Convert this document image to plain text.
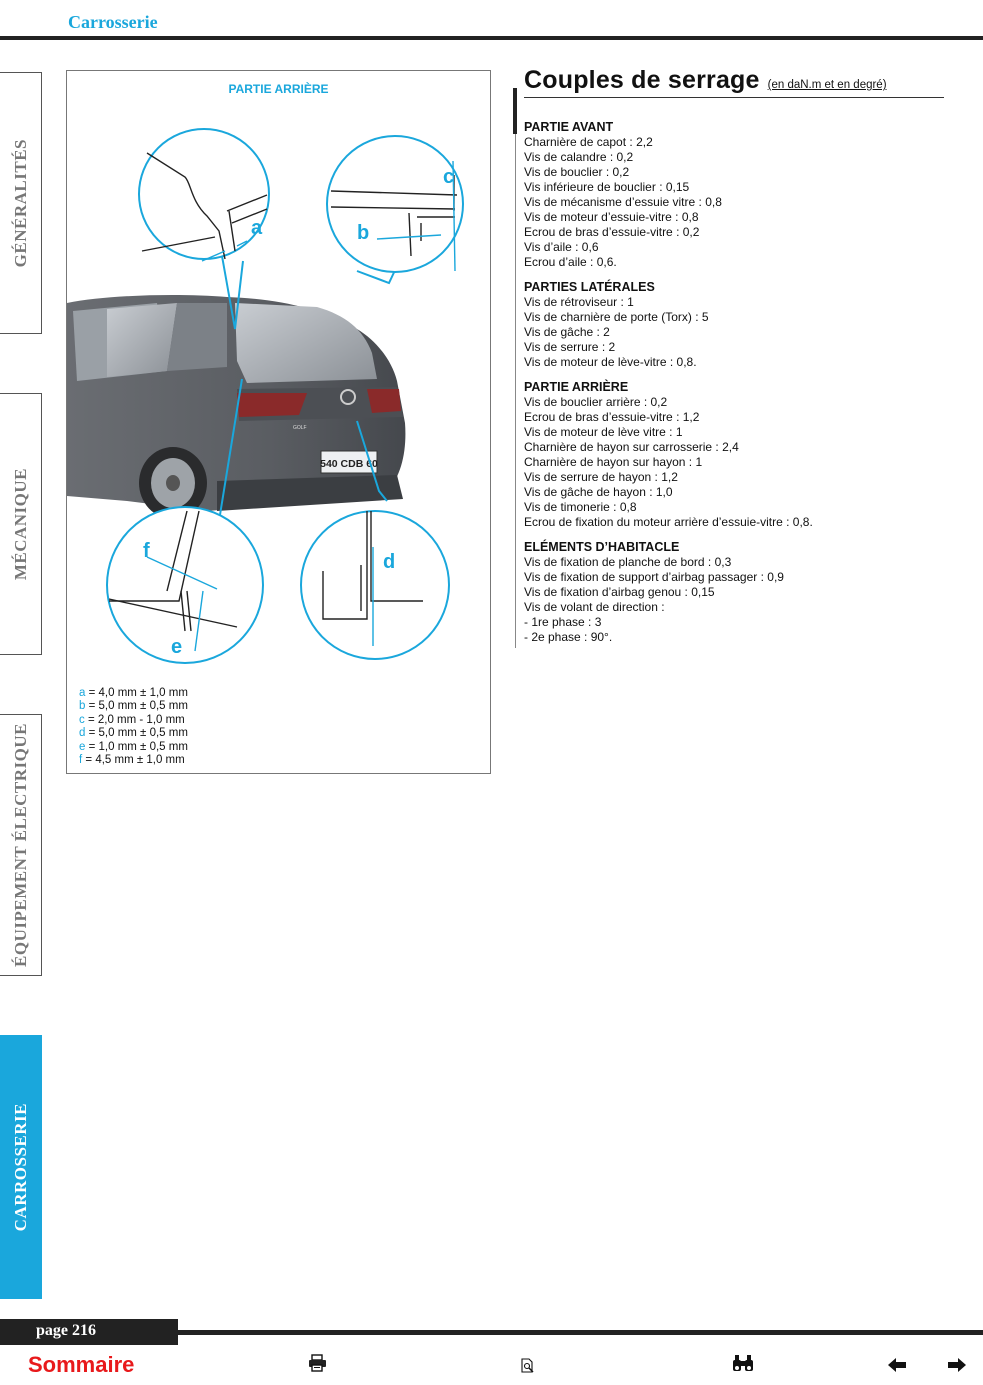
Carrosserie
GÉNÉRALITÉS
MÉCANIQUE
ÉQUIPEMENT ÉLECTRIQUE
CARROSSERIE
PARTIE ARRIÈRE
540 CDB 60
GOLF
a	b
c
f
e
d
a = 4,0 mm ± 1,0 mm
b = 5,0 mm ± 0,5 mm
c = 2,0 mm - 1,0 mm
d = 5,0 mm ± 0,5 mm
e = 1,0 mm ± 0,5 mm
f = 4,5 mm ± 1,0 mm
Couples de serrage (en daN.m et en degré)
PARTIE AVANT
Charnière de capot : 2,2
Vis de calandre : 0,2
Vis de bouclier : 0,2
Vis inférieure de bouclier : 0,15
Vis de mécanisme d’essuie vitre : 0,8
Vis de moteur d’essuie-vitre : 0,8
Ecrou de bras d’essuie-vitre : 0,2
Vis d’aile : 0,6
Ecrou d’aile : 0,6.
PARTIES LATÉRALES
Vis de rétroviseur : 1
Vis de charnière de porte (Torx) : 5
Vis de gâche : 2
Vis de serrure : 2
Vis de moteur de lève-vitre : 0,8.
PARTIE ARRIÈRE
Vis de bouclier arrière : 0,2
Ecrou de bras d’essuie-vitre : 1,2
Vis de moteur de lève vitre : 1
Charnière de hayon sur carrosserie : 2,4
Charnière de hayon sur hayon : 1
Vis de serrure de hayon : 1,2
Vis de gâche de hayon : 1,0
Vis de timonerie : 0,8
Ecrou de fixation du moteur arrière d’essuie-vitre : 0,8.
ELÉMENTS D’HABITACLE
Vis de fixation de planche de bord : 0,3
Vis de fixation de support d’airbag passager : 0,9
Vis de fixation d’airbag genou : 0,15
Vis de volant de direction :
- 1re phase : 3
- 2e phase : 90°.
page 216
Sommaire
